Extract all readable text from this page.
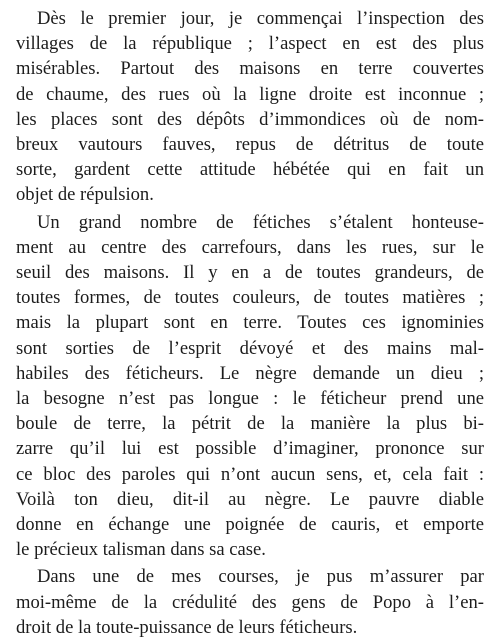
Dès le premier jour, je commençai l’inspection des
villages de la république ; l’aspect en est des plus
misérables. Partout des maisons en terre couvertes
de chaume, des rues où la ligne droite est inconnue ;
les places sont des dépôts d’immondices où de nom-
breux vautours fauves, repus de détritus de toute
sorte, gardent cette attitude hébétée qui en fait un
objet de répulsion.
Un grand nombre de fétiches s’étalent honteuse-
ment au centre des carrefours, dans les rues, sur le
seuil des maisons. Il y en a de toutes grandeurs, de
toutes formes, de toutes couleurs, de toutes matières ;
mais la plupart sont en terre. Toutes ces ignominies
sont sorties de l’esprit dévoyé et des mains mal-
habiles des féticheurs. Le nègre demande un dieu ;
la besogne n’est pas longue : le féticheur prend une
boule de terre, la pétrit de la manière la plus bi-
zarre qu’il lui est possible d’imaginer, prononce sur
ce bloc des paroles qui n’ont aucun sens, et, cela fait :
Voilà ton dieu, dit-il au nègre. Le pauvre diable
donne en échange une poignée de cauris, et emporte
le précieux talisman dans sa case.
Dans une de mes courses, je pus m’assurer par
moi-même de la crédulité des gens de Popo à l’en-
droit de la toute-puissance de leurs féticheurs.
